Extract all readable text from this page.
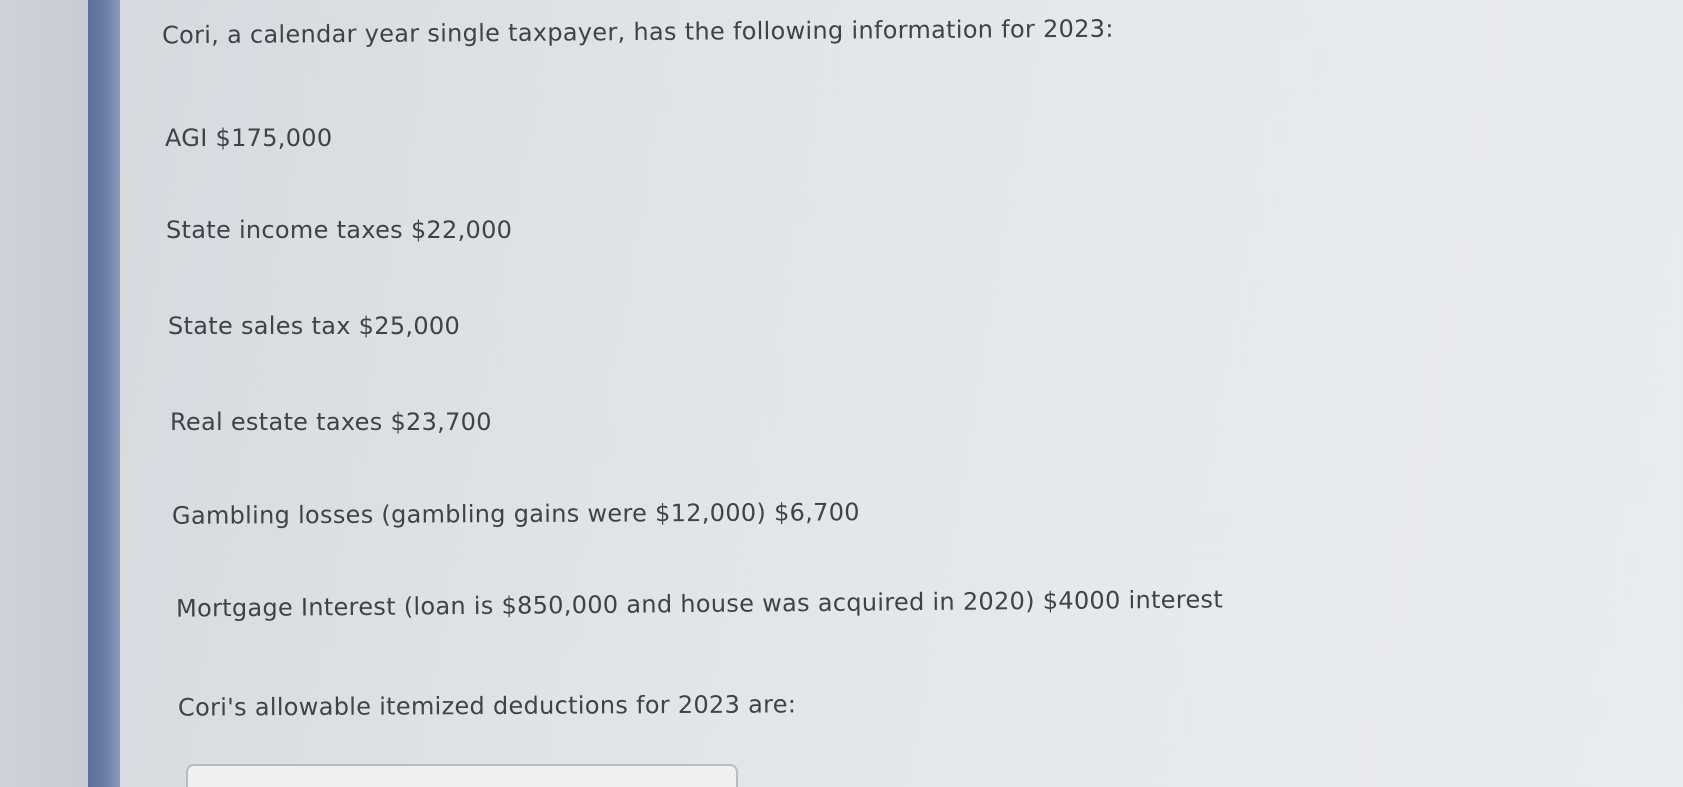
Cori, a calendar year single taxpayer, has the following information for 2023:

AGI $175,000

State income taxes $22,000

State sales tax $25,000

Real estate taxes $23,700

Gambling losses (gambling gains were $12,000) $6,700

Mortgage Interest (loan is $850,000 and house was acquired in 2020) $4000 interest

Cori's allowable itemized deductions for 2023 are:
